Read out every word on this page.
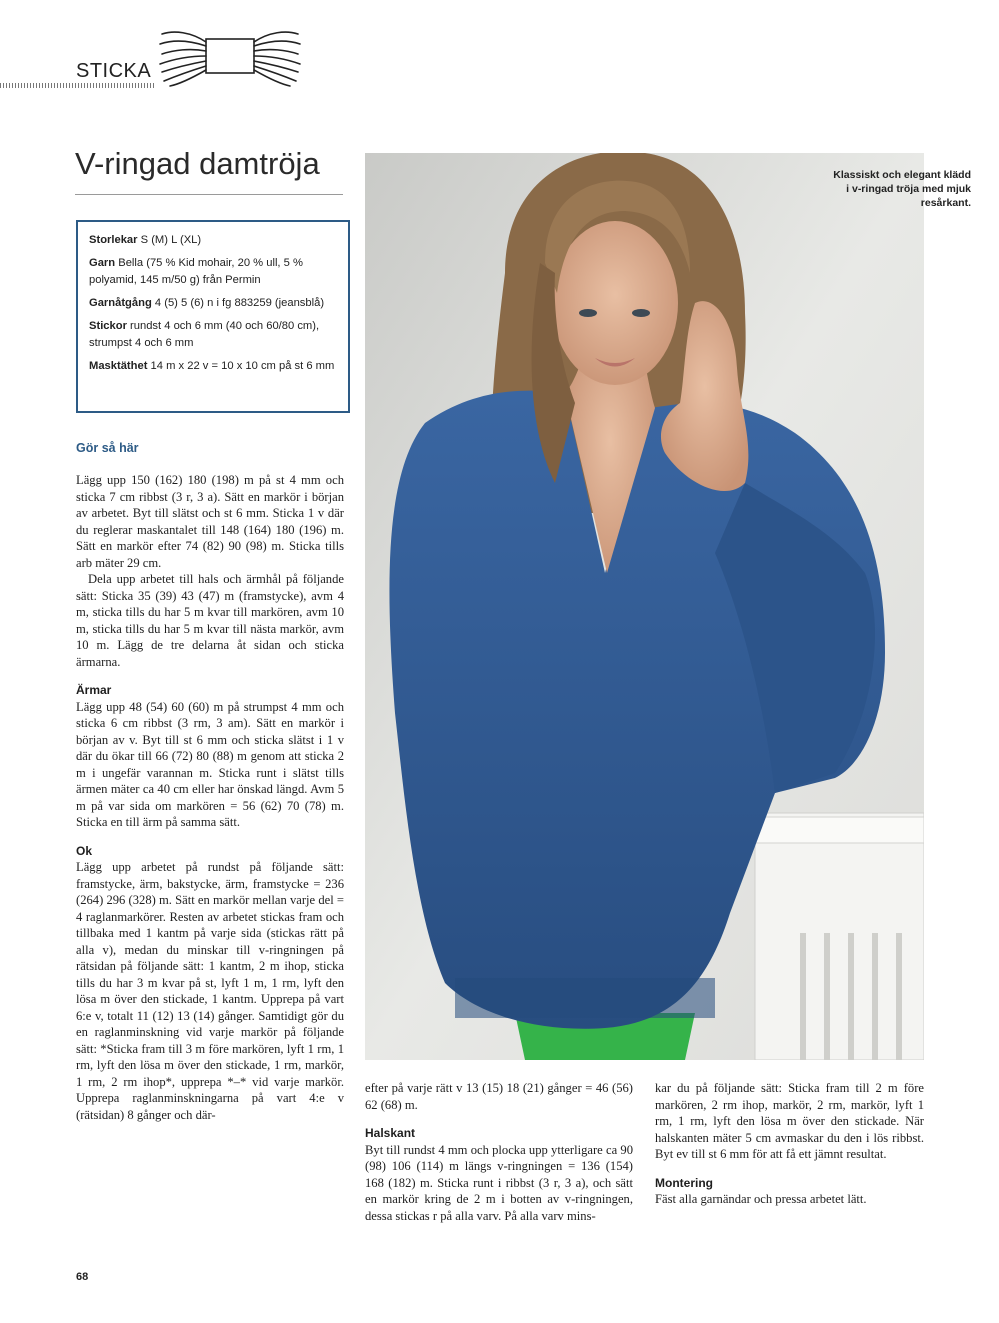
STICKA
V-ringad damtröja

Storlekar S (M) L (XL)

Garn Bella (75 % Kid mohair, 20 % ull, 5 % polyamid, 145 m/50 g) från Permin

Garnåtgång 4 (5) 5 (6) n i fg 883259 (jeansblå)

Stickor rundst 4 och 6 mm (40 och 60/80 cm), strumpst 4 och 6 mm

Masktäthet 14 m x 22 v = 10 x 10 cm på st 6 mm

Gör så här

Lägg upp 150 (162) 180 (198) m på st 4 mm och sticka 7 cm ribbst (3 r, 3 a). Sätt en markör i början av arbetet. Byt till slätst och st 6 mm. Sticka 1 v där du reglerar maskantalet till 148 (164) 180 (196) m. Sätt en markör efter 74 (82) 90 (98) m. Sticka tills arb mäter 29 cm.

Dela upp arbetet till hals och ärmhål på följande sätt: Sticka 35 (39) 43 (47) m (framstycke), avm 4 m, sticka tills du har 5 m kvar till markören, avm 10 m, sticka tills du har 5 m kvar till nästa markör, avm 10 m. Lägg de tre delarna åt sidan och sticka ärmarna.

Ärmar

Lägg upp 48 (54) 60 (60) m på strumpst 4 mm och sticka 6 cm ribbst (3 rm, 3 am). Sätt en markör i början av v. Byt till st 6 mm och sticka slätst i 1 v där du ökar till 66 (72) 80 (88) m genom att sticka 2 m i ungefär varannan m. Sticka runt i slätst tills ärmen mäter ca 40 cm eller har önskad längd. Avm 5 m på var sida om markören = 56 (62) 70 (78) m. Sticka en till ärm på samma sätt.

Ok

Lägg upp arbetet på rundst på följande sätt: framstycke, ärm, bakstycke, ärm, framstycke = 236 (264) 296 (328) m. Sätt en markör mellan varje del = 4 raglanmarkörer. Resten av arbetet stickas fram och tillbaka med 1 kantm på varje sida (stickas rätt på alla v), medan du minskar till v-ringningen på rätsidan på följande sätt: 1 kantm, 2 m ihop, sticka tills du har 3 m kvar på st, lyft 1 m, 1 rm, lyft den lösa m över den stickade, 1 kantm. Upprepa på vart 6:e v, totalt 11 (12) 13 (14) gånger. Samtidigt gör du en raglanminskning vid varje markör på följande sätt: *Sticka fram till 3 m före markören, lyft 1 rm, 1 rm, lyft den lösa m över den stickade, 1 rm, markör, 1 rm, 2 rm ihop*, upprepa *–* vid varje markör. Upprepa raglanminskningarna på vart 4:e v (rätsidan) 8 gånger och där-

efter på varje rätt v 13 (15) 18 (21) gånger = 46 (56) 62 (68) m.

Halskant

Byt till rundst 4 mm och plocka upp ytterligare ca 90 (98) 106 (114) m längs v-ringningen = 136 (154) 168 (182) m. Sticka runt i ribbst (3 r, 3 a), och sätt en markör kring de 2 m i botten av v-ringningen, dessa stickas r på alla varv. På alla varv mins-

kar du på följande sätt: Sticka fram till 2 m före markören, 2 rm ihop, markör, 2 rm, markör, lyft 1 rm, 1 rm, lyft den lösa m över den stickade. När halskanten mäter 5 cm avmaskar du den i lös ribbst. Byt ev till st 6 mm för att få ett jämnt resultat.

Montering

Fäst alla garnändar och pressa arbetet lätt.

Klassiskt och elegant klädd i v-ringad tröja med mjuk resårkant.
68
